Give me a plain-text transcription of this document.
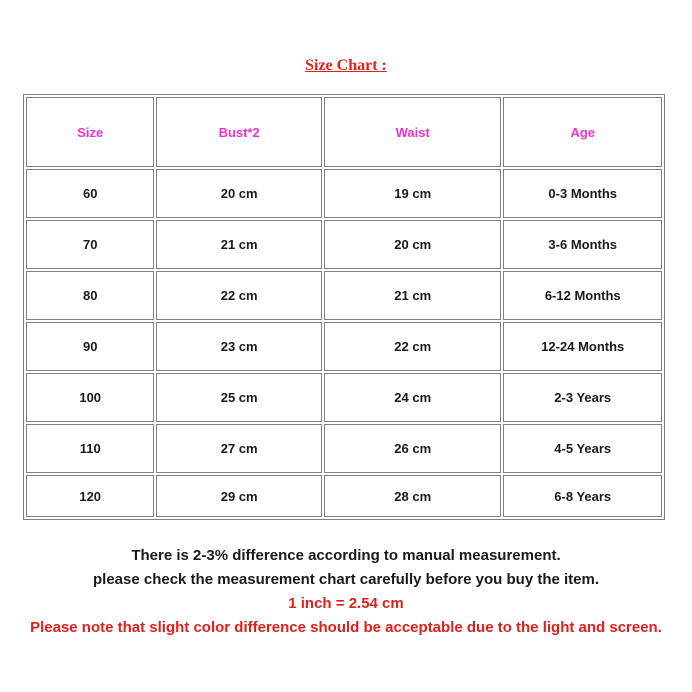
Size Chart :
Size	Bust*2	Waist	Age
60	20 cm	19 cm	0-3 Months
70	21 cm	20 cm	3-6 Months
80	22 cm	21 cm	6-12 Months
90	23 cm	22 cm	12-24 Months
100	25 cm	24 cm	2-3 Years
110	27 cm	26 cm	4-5 Years
120	29 cm	28 cm	6-8 Years
There is 2-3% difference according to manual measurement.
please check the measurement chart carefully before you buy the item.
1 inch = 2.54 cm
Please note that slight color difference should be acceptable due to the light and screen.
